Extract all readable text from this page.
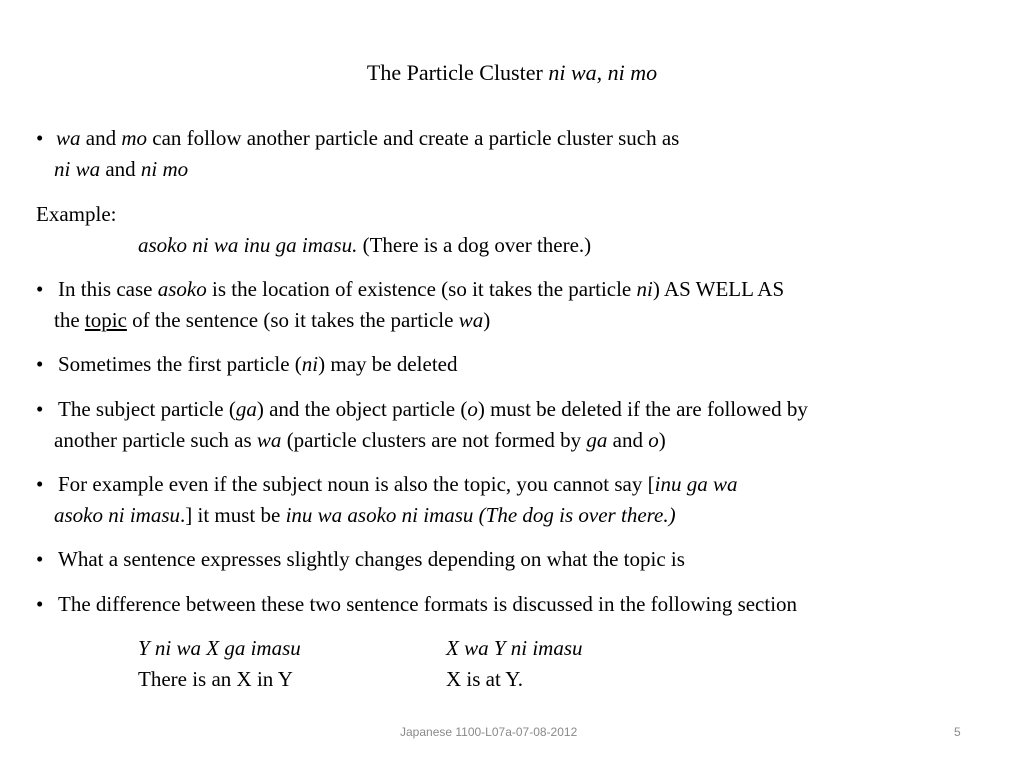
The Particle Cluster ni wa, ni mo
• wa and mo can follow another particle and create a particle cluster such as
ni wa and ni mo
Example:
asoko ni wa inu ga imasu. (There is a dog over there.)
• In this case asoko is the location of existence (so it takes the particle ni) AS WELL AS
the topic of the sentence (so it takes the particle wa)
• Sometimes the first particle (ni) may be deleted
• The subject particle (ga) and the object particle (o) must be deleted if the are followed by
another particle such as wa (particle clusters are not formed by ga and o)
• For example even if the subject noun is also the topic, you cannot say [inu ga wa
asoko ni imasu.] it must be inu wa asoko ni imasu (The dog is over there.)
• What a sentence expresses slightly changes depending on what the topic is
• The difference between these two sentence formats is discussed in the following section
Y ni wa X ga imasu
There is an X in Y
X wa Y ni imasu
X is at Y.
Japanese 1100-L07a-07-08-2012	5
